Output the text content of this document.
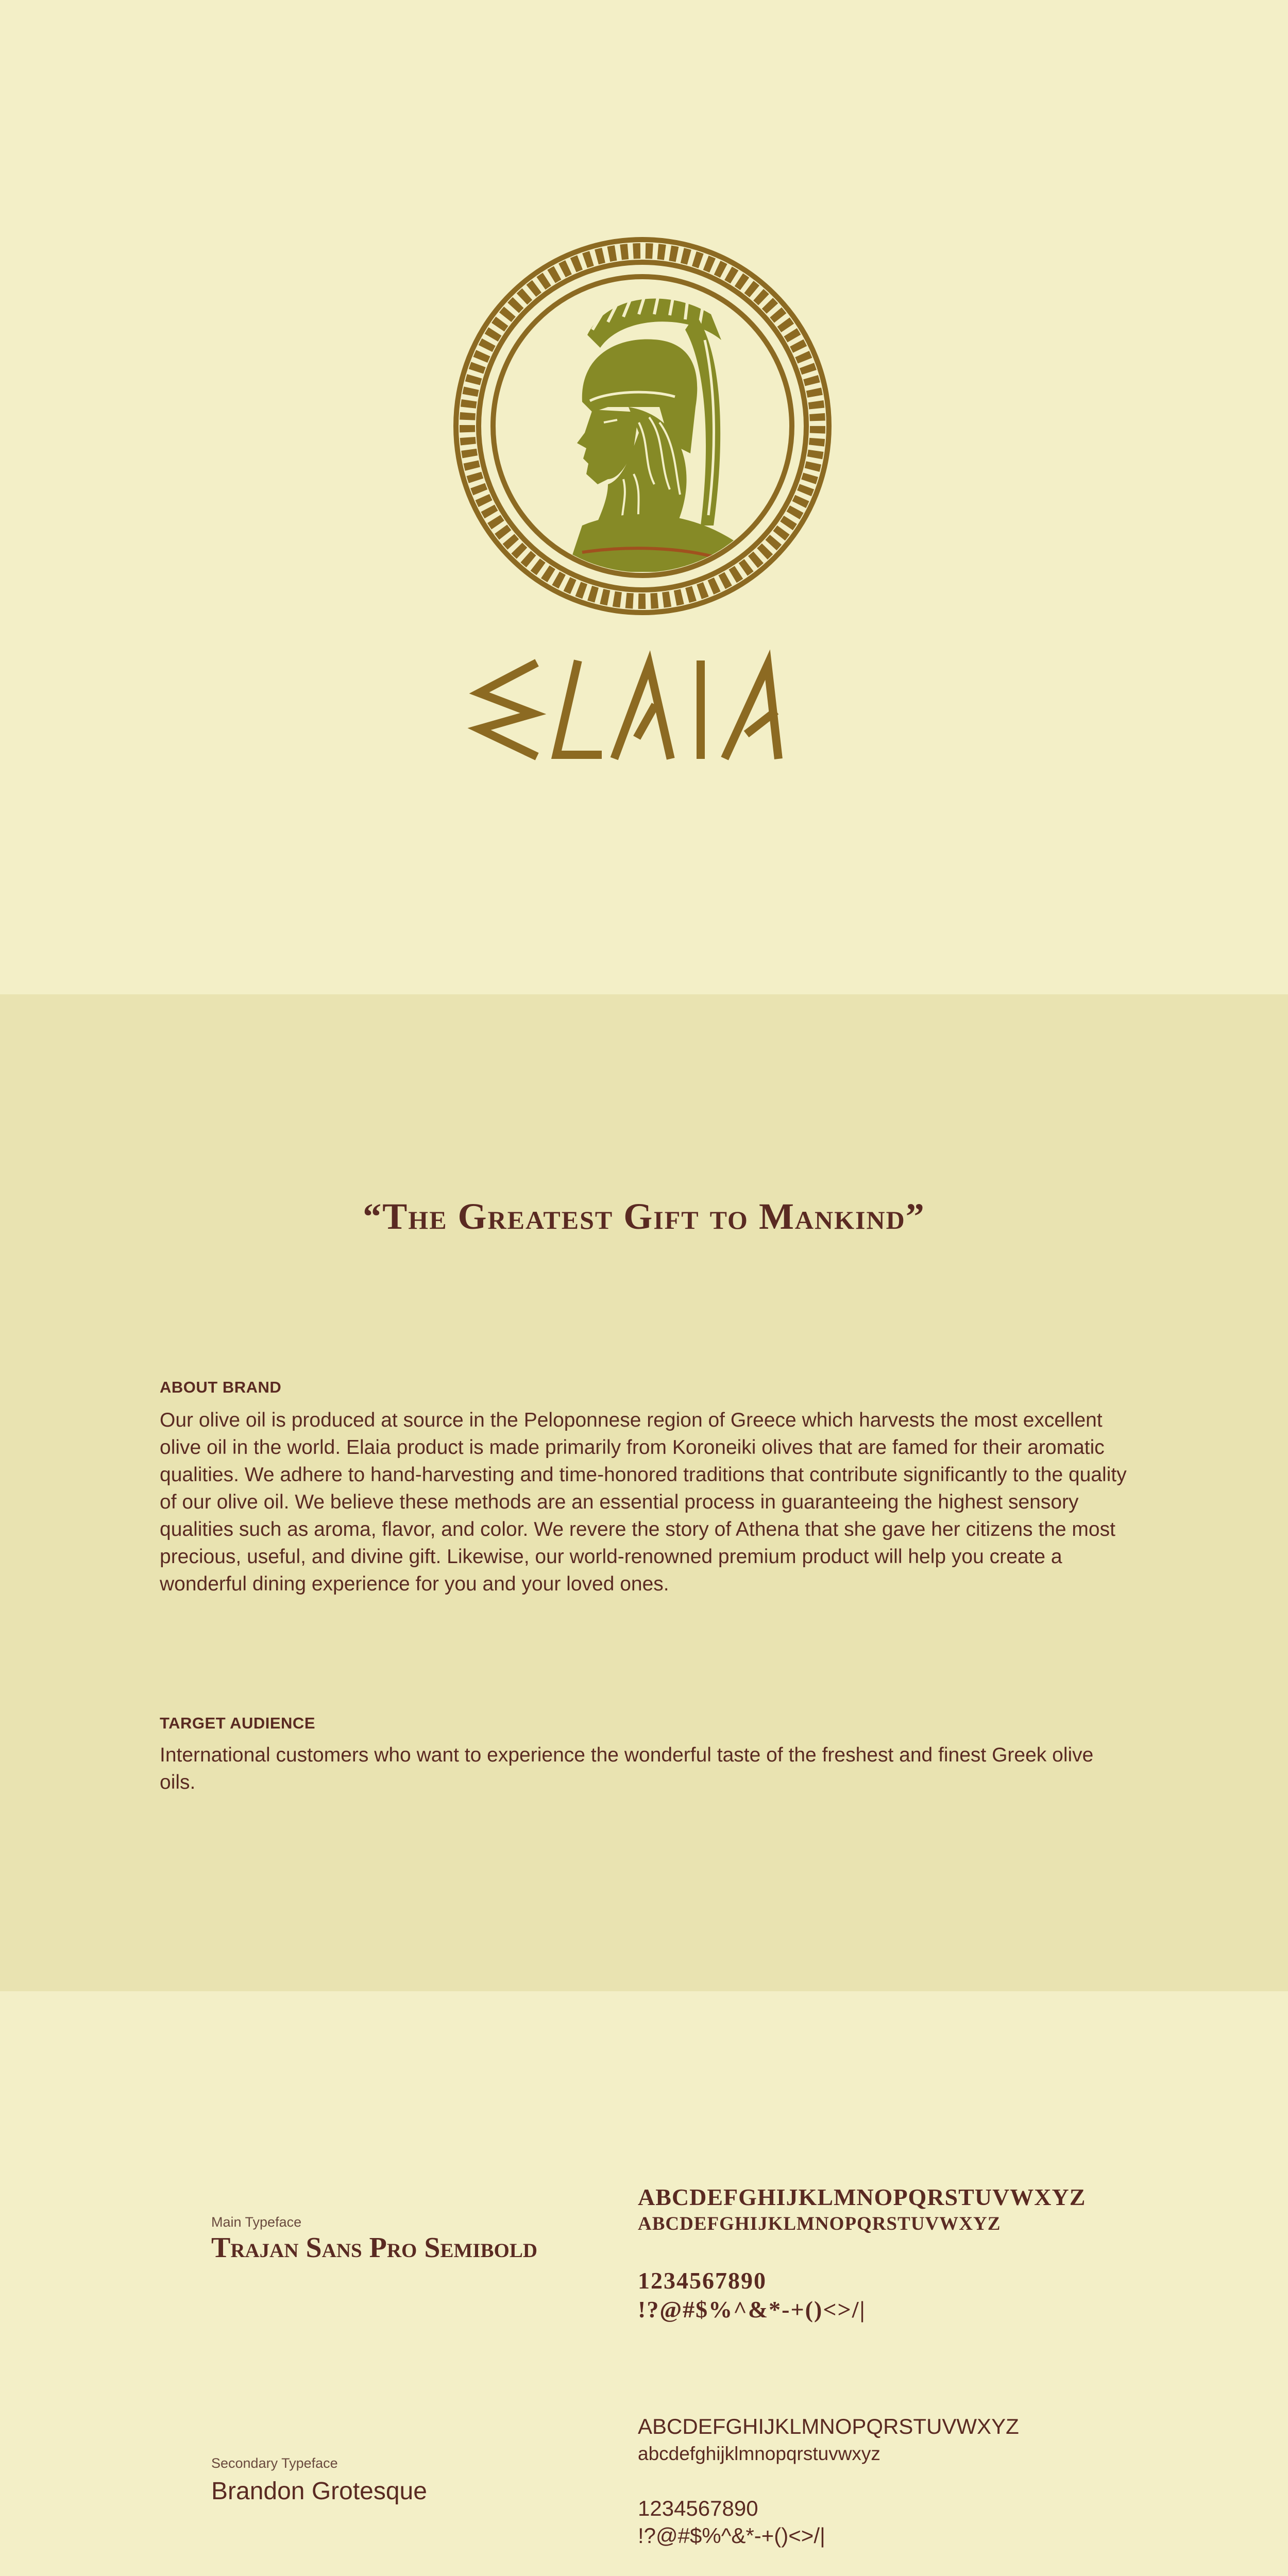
ELAIA
“The Greatest Gift to Mankind”
ABOUT BRAND

Our olive oil is produced at source in the Peloponnese region of Greece which harvests the most excellent olive oil in the world. Elaia product is made primarily from Koroneiki olives that are famed for their aromatic qualities. We adhere to hand-harvesting and time-honored traditions that contribute significantly to the quality of our olive oil. We believe these methods are an essential process in guaranteeing the highest sensory qualities such as aroma, flavor, and color. We revere the story of Athena that she gave her citizens the most precious, useful, and divine gift. Likewise, our world-renowned premium product will help you create a wonderful dining experience for you and your loved ones.

TARGET AUDIENCE

International customers who want to experience the wonderful taste of the freshest and finest Greek olive oils.

Main Typeface
Trajan Sans Pro Semibold
ABCDEFGHIJKLMNOPQRSTUVWXYZ
ABCDEFGHIJKLMNOPQRSTUVWXYZ
1234567890
!?@#$%^&*-+()<>/|
Secondary Typeface
Brandon Grotesque
ABCDEFGHIJKLMNOPQRSTUVWXYZ
abcdefghijklmnopqrstuvwxyz
1234567890
!?@#$%^&*-+()<>/|
